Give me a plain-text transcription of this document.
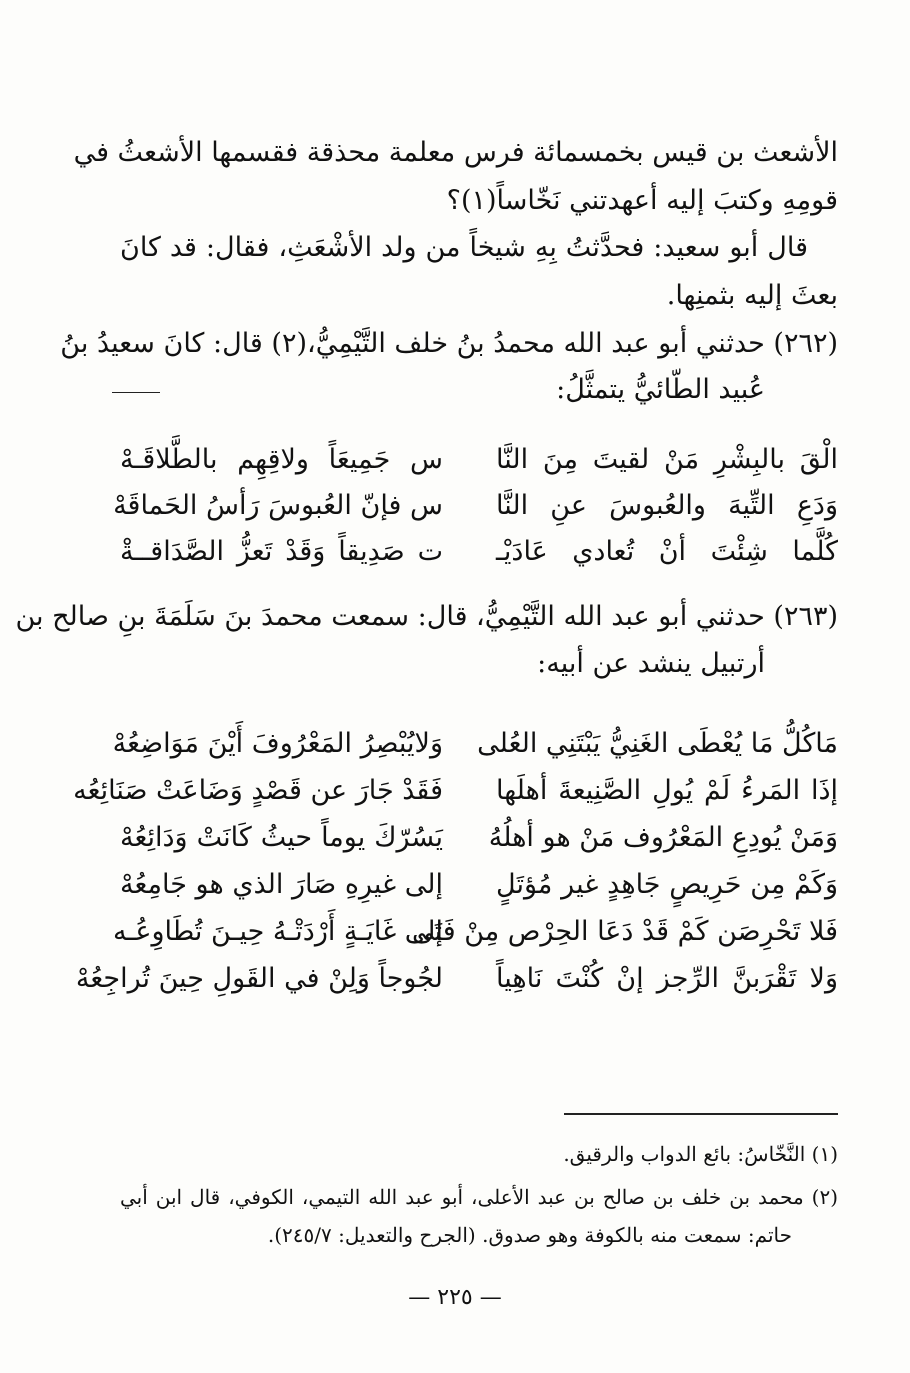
الأشعث بن قيس بخمسمائة فرس معلمة محذقة فقسمها الأشعثُ في
قومِهِ وكتبَ إليه أعهدتني نَخّاساً(١)؟
قال أبو سعيد: فحدَّثتُ بِهِ شيخاً من ولد الأشْعَثِ، فقال: قد كانَ
بعثَ إليه بثمنِها.
(٢٦٢) حدثني أبو عبد الله محمدُ بنُ خلف التَّيْمِيُّ،(٢) قال: كانَ سعيدُ بنُ
عُبيد الطّائيُّ يتمثَّلُ:
الْقَ بالبِشْرِ مَنْ لقيتَ مِنَ النَّا
س جَمِيعَاً ولاقِهِم بالطَّلاقَـهْ
وَدَعِ التِّيهَ والعُبوسَ عنِ النَّا
س فإنّ العُبوسَ رَأسُ الحَماقَهْ
كُلَّما شِئْتَ أنْ تُعادي عَادَيْـ
ت صَدِيقاً وَقَدْ تَعزُّ الصَّدَاقــةْ
(٢٦٣) حدثني أبو عبد الله التَّيْمِيُّ، قال: سمعت محمدَ بنَ سَلَمَةَ بنِ صالح بن
أرتبيل ينشد عن أبيه:
مَاكُلُّ مَا يُعْطَى الغَنِيُّ يَبْتَنِي العُلى
وَلايُبْصِرُ المَعْرُوفَ أَيْنَ مَوَاضِعُهْ
إذَا المَرءُ لَمْ يُولِ الصَّنِيعةَ أهلَها
فَقَدْ جَارَ عن قَصْدٍ وَضَاعَتْ صَنَائِعُه
وَمَنْ يُودِعِ المَعْرُوف مَنْ هو أهلُهُ
يَسُرّكَ يوماً حيثُ كَانَتْ وَدَائِعُهْ
وَكَمْ مِن حَرِيصٍ جَاهِدٍ غير مُؤتَلٍ
إلى غيرِهِ صَارَ الذي هو جَامِعُهْ
فَلا تَحْرِصَن كَمْ قَدْ دَعَا الحِرْص مِنْ فَتَى
إلى غَايَـةٍ أَرْدَتْـهُ حِيـنَ تُطَاوِعُـه
وَلا تَقْرَبنَّ الرِّجز إنْ كُنْتَ نَاهِياً
لجُوجاً وَلِنْ في القَولِ حِينَ تُراجِعُهْ
(١) النَّخّاسُ: بائع الدواب والرقيق.
(٢) محمد بن خلف بن صالح بن عبد الأعلى، أبو عبد الله التيمي، الكوفي، قال ابن أبي
حاتم: سمعت منه بالكوفة وهو صدوق. (الجرح والتعديل: ٢٤٥/٧).
— ٢٢٥ —
